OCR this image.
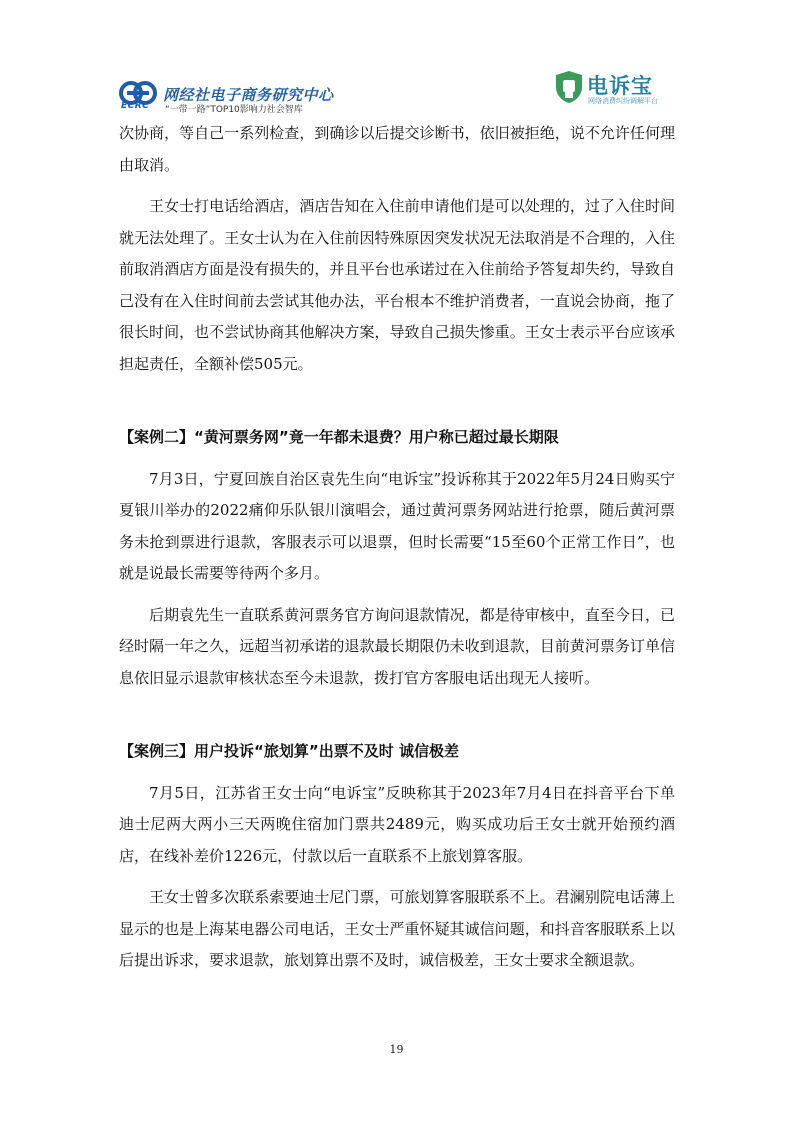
ECRC
网经社电子商务研究中心
“一带一路”TOP10影响力社会智库
电诉宝
网络消费纠纷调解平台

次协商，等自己一系列检查，到确诊以后提交诊断书，依旧被拒绝，说不允许任何理由取消。

王女士打电话给酒店，酒店告知在入住前申请他们是可以处理的，过了入住时间就无法处理了。王女士认为在入住前因特殊原因突发状况无法取消是不合理的，入住前取消酒店方面是没有损失的，并且平台也承诺过在入住前给予答复却失约，导致自己没有在入住时间前去尝试其他办法，平台根本不维护消费者，一直说会协商，拖了很长时间，也不尝试协商其他解决方案，导致自己损失惨重。王女士表示平台应该承担起责任，全额补偿505元。

【案例二】“黄河票务网”竟一年都未退费？用户称已超过最长期限

7月3日，宁夏回族自治区袁先生向“电诉宝”投诉称其于2022年5月24日购买宁夏银川举办的2022痛仰乐队银川演唱会，通过黄河票务网站进行抢票，随后黄河票务未抢到票进行退款，客服表示可以退票，但时长需要“15至60个正常工作日”，也就是说最长需要等待两个多月。

后期袁先生一直联系黄河票务官方询问退款情况，都是待审核中，直至今日，已经时隔一年之久，远超当初承诺的退款最长期限仍未收到退款，目前黄河票务订单信息依旧显示退款审核状态至今未退款，拨打官方客服电话出现无人接听。

【案例三】用户投诉“旅划算”出票不及时 诚信极差

7月5日，江苏省王女士向“电诉宝”反映称其于2023年7月4日在抖音平台下单迪士尼两大两小三天两晚住宿加门票共2489元，购买成功后王女士就开始预约酒店，在线补差价1226元，付款以后一直联系不上旅划算客服。

王女士曾多次联系索要迪士尼门票，可旅划算客服联系不上。君澜别院电话薄上显示的也是上海某电器公司电话，王女士严重怀疑其诚信问题，和抖音客服联系上以后提出诉求，要求退款，旅划算出票不及时，诚信极差，王女士要求全额退款。

19
